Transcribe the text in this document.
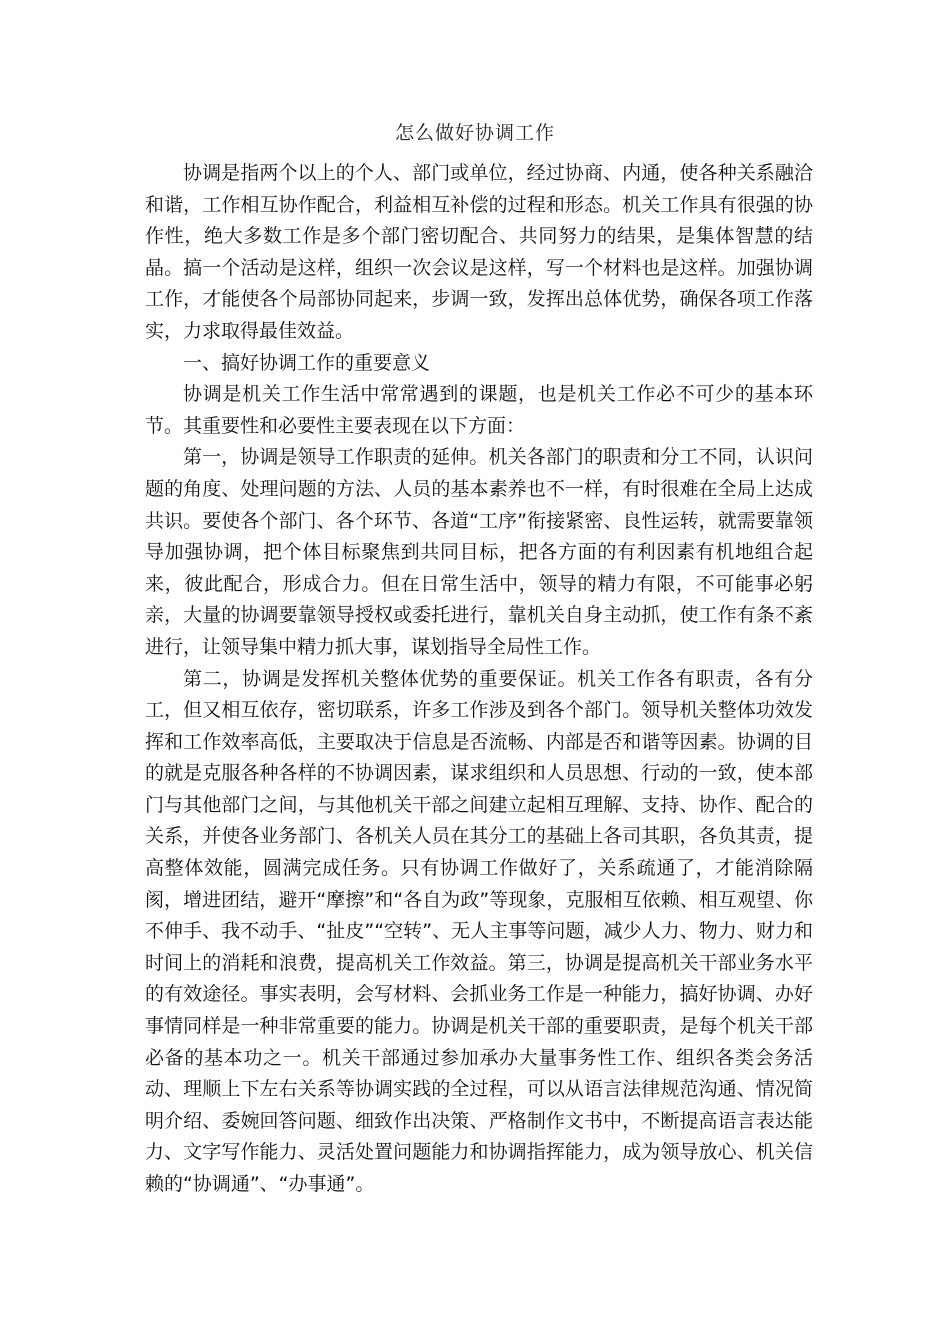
怎么做好协调工作

协调是指两个以上的个人、部门或单位，经过协商、内通，使各种关系融洽和谐，工作相互协作配合，利益相互补偿的过程和形态。机关工作具有很强的协作性，绝大多数工作是多个部门密切配合、共同努力的结果，是集体智慧的结晶。搞一个活动是这样，组织一次会议是这样，写一个材料也是这样。加强协调工作，才能使各个局部协同起来，步调一致，发挥出总体优势，确保各项工作落实，力求取得最佳效益。

一、搞好协调工作的重要意义

协调是机关工作生活中常常遇到的课题，也是机关工作必不可少的基本环节。其重要性和必要性主要表现在以下方面：

第一，协调是领导工作职责的延伸。机关各部门的职责和分工不同，认识问题的角度、处理问题的方法、人员的基本素养也不一样，有时很难在全局上达成共识。要使各个部门、各个环节、各道“工序”衔接紧密、良性运转，就需要靠领导加强协调，把个体目标聚焦到共同目标，把各方面的有利因素有机地组合起来，彼此配合，形成合力。但在日常生活中，领导的精力有限，不可能事必躬亲，大量的协调要靠领导授权或委托进行，靠机关自身主动抓，使工作有条不紊进行，让领导集中精力抓大事，谋划指导全局性工作。

第二，协调是发挥机关整体优势的重要保证。机关工作各有职责，各有分工，但又相互依存，密切联系，许多工作涉及到各个部门。领导机关整体功效发挥和工作效率高低，主要取决于信息是否流畅、内部是否和谐等因素。协调的目的就是克服各种各样的不协调因素，谋求组织和人员思想、行动的一致，使本部门与其他部门之间，与其他机关干部之间建立起相互理解、支持、协作、配合的关系，并使各业务部门、各机关人员在其分工的基础上各司其职，各负其责，提高整体效能，圆满完成任务。只有协调工作做好了，关系疏通了，才能消除隔阂，增进团结，避开“摩擦”和“各自为政”等现象，克服相互依赖、相互观望、你不伸手、我不动手、“扯皮”“空转”、无人主事等问题，减少人力、物力、财力和时间上的消耗和浪费，提高机关工作效益。第三，协调是提高机关干部业务水平的有效途径。事实表明，会写材料、会抓业务工作是一种能力，搞好协调、办好事情同样是一种非常重要的能力。协调是机关干部的重要职责，是每个机关干部必备的基本功之一。机关干部通过参加承办大量事务性工作、组织各类会务活动、理顺上下左右关系等协调实践的全过程，可以从语言法律规范沟通、情况简明介绍、委婉回答问题、细致作出决策、严格制作文书中，不断提高语言表达能力、文字写作能力、灵活处置问题能力和协调指挥能力，成为领导放心、机关信赖的“协调通”、“办事通”。
